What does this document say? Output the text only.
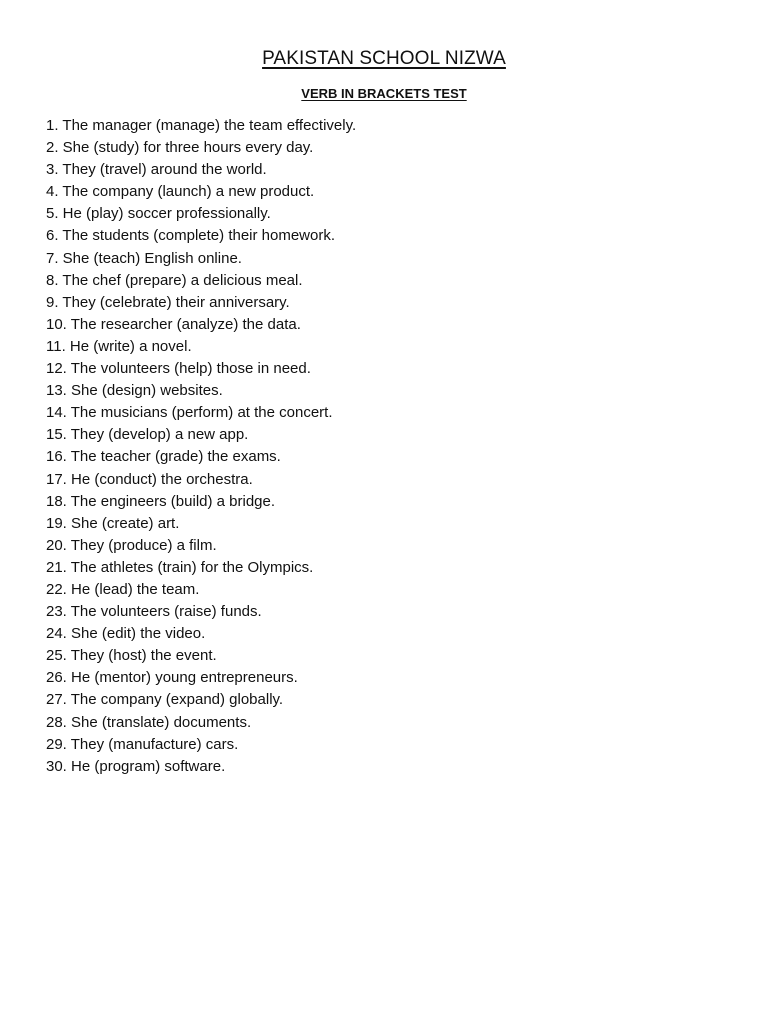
PAKISTAN SCHOOL NIZWA
VERB IN BRACKETS TEST
1. The manager (manage) the team effectively.
2. She (study) for three hours every day.
3. They (travel) around the world.
4. The company (launch) a new product.
5. He (play) soccer professionally.
6. The students (complete) their homework.
7. She (teach) English online.
8. The chef (prepare) a delicious meal.
9. They (celebrate) their anniversary.
10. The researcher (analyze) the data.
11. He (write) a novel.
12. The volunteers (help) those in need.
13. She (design) websites.
14. The musicians (perform) at the concert.
15. They (develop) a new app.
16. The teacher (grade) the exams.
17. He (conduct) the orchestra.
18. The engineers (build) a bridge.
19. She (create) art.
20. They (produce) a film.
21. The athletes (train) for the Olympics.
22. He (lead) the team.
23. The volunteers (raise) funds.
24. She (edit) the video.
25. They (host) the event.
26. He (mentor) young entrepreneurs.
27. The company (expand) globally.
28. She (translate) documents.
29. They (manufacture) cars.
30. He (program) software.
